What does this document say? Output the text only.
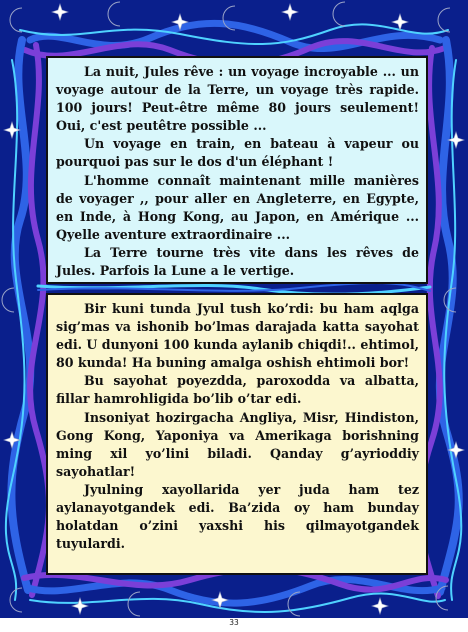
La nuit, Jules rêve : un voyage incroyable ... un voyage autour de la Terre, un voyage très rapide. 100 jours! Peut-être même 80 jours seulement! Oui, c'est peutêtre possible ...

Un voyage en train, en bateau à vapeur ou pourquoi pas sur le dos d'un éléphant !

L'homme connaît maintenant mille manières de voyager ,, pour aller en Angleterre, en Egypte, en Inde, à Hong Kong, au Japon, en Amérique ... Qyelle aventure extraordinaire ...

La Terre tourne très vite dans les rêves de Jules. Parfois la Lune a le vertige.

Bir kuni tunda Jyul tush ko’rdi: bu ham aqlga sig’mas va ishonib bo’lmas darajada katta sayohat edi. U dunyoni 100 kunda aylanib chiqdi!.. ehtimol, 80 kunda! Ha buning amalga oshish ehtimoli bor!

Bu sayohat poyezdda, paroxodda va albatta, fillar hamrohligida bo’lib o’tar edi.

Insoniyat hozirgacha Angliya, Misr, Hindiston, Gong Kong, Yaponiya va Amerikaga borishning ming xil yo’lini biladi. Qanday g’ayrioddiy sayohatlar!

Jyulning xayollarida yer juda ham tez aylanayotgandek edi. Ba’zida oy ham bunday holatdan o’zini yaxshi his qilmayotgandek tuyulardi.

33
